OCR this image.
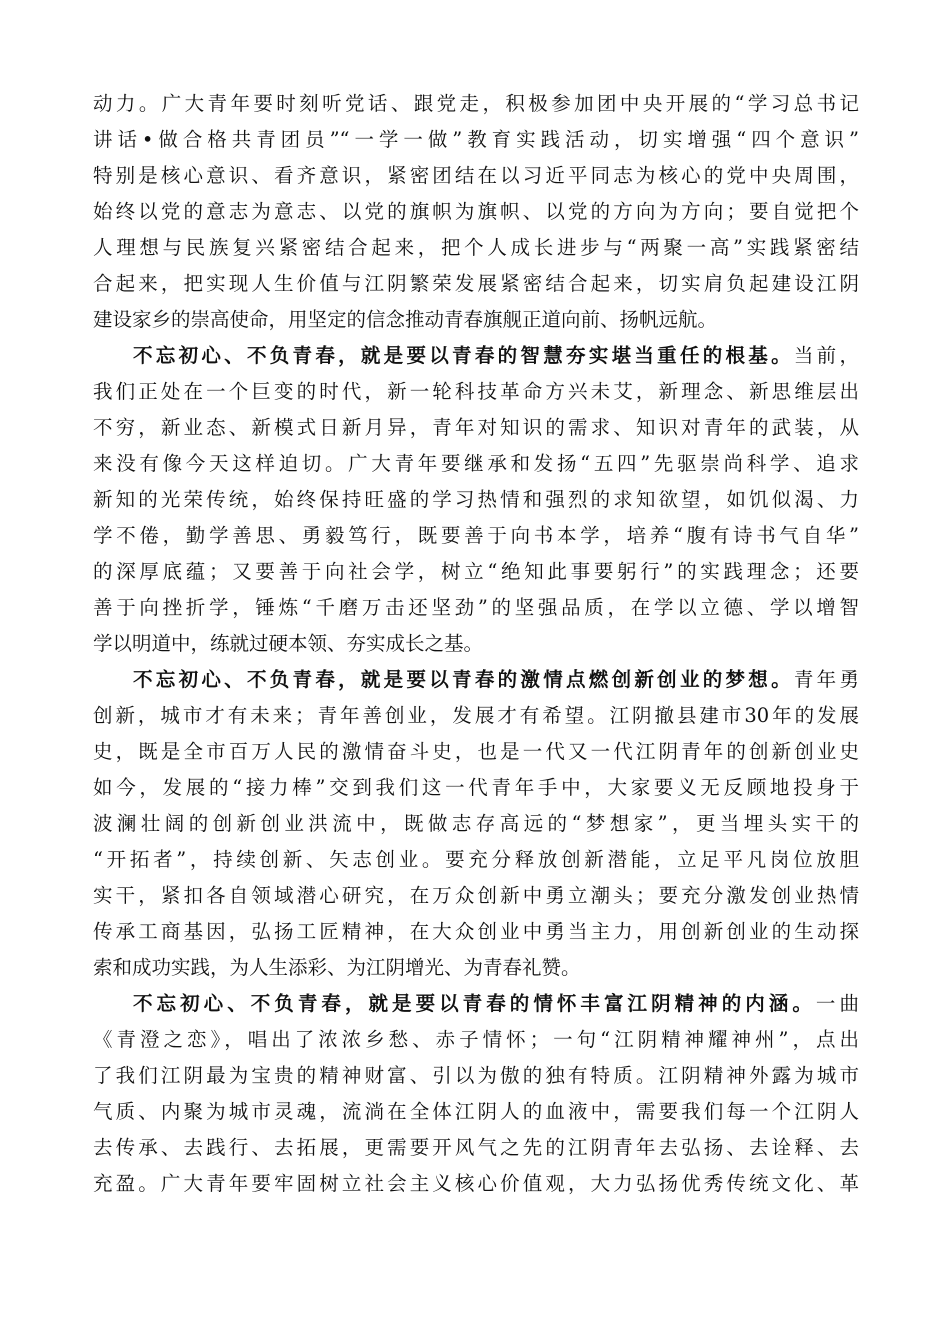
动力。广大青年要时刻听党话、跟党走，积极参加团中央开展的“学习总书记
讲话•做合格共青团员”“一学一做”教育实践活动，切实增强“四个意识”
特别是核心意识、看齐意识，紧密团结在以习近平同志为核心的党中央周围，
始终以党的意志为意志、以党的旗帜为旗帜、以党的方向为方向；要自觉把个
人理想与民族复兴紧密结合起来，把个人成长进步与“两聚一高”实践紧密结
合起来，把实现人生价值与江阴繁荣发展紧密结合起来，切实肩负起建设江阴
建设家乡的崇高使命，用坚定的信念推动青春旗舰正道向前、扬帆远航。
不忘初心、不负青春，就是要以青春的智慧夯实堪当重任的根基。当前，
我们正处在一个巨变的时代，新一轮科技革命方兴未艾，新理念、新思维层出
不穷，新业态、新模式日新月异，青年对知识的需求、知识对青年的武装，从
来没有像今天这样迫切。广大青年要继承和发扬“五四”先驱崇尚科学、追求
新知的光荣传统，始终保持旺盛的学习热情和强烈的求知欲望，如饥似渴、力
学不倦，勤学善思、勇毅笃行，既要善于向书本学，培养“腹有诗书气自华”
的深厚底蕴；又要善于向社会学，树立“绝知此事要躬行”的实践理念；还要
善于向挫折学，锤炼“千磨万击还坚劲”的坚强品质，在学以立德、学以增智
学以明道中，练就过硬本领、夯实成长之基。
不忘初心、不负青春，就是要以青春的激情点燃创新创业的梦想。青年勇
创新，城市才有未来；青年善创业，发展才有希望。江阴撤县建市30年的发展
史，既是全市百万人民的激情奋斗史，也是一代又一代江阴青年的创新创业史
如今，发展的“接力棒”交到我们这一代青年手中，大家要义无反顾地投身于
波澜壮阔的创新创业洪流中，既做志存高远的“梦想家”，更当埋头实干的
“开拓者”，持续创新、矢志创业。要充分释放创新潜能，立足平凡岗位放胆
实干，紧扣各自领域潜心研究，在万众创新中勇立潮头；要充分激发创业热情
传承工商基因，弘扬工匠精神，在大众创业中勇当主力，用创新创业的生动探
索和成功实践，为人生添彩、为江阴增光、为青春礼赞。
不忘初心、不负青春，就是要以青春的情怀丰富江阴精神的内涵。一曲
《青澄之恋》，唱出了浓浓乡愁、赤子情怀；一句“江阴精神耀神州”，点出
了我们江阴最为宝贵的精神财富、引以为傲的独有特质。江阴精神外露为城市
气质、内聚为城市灵魂，流淌在全体江阴人的血液中，需要我们每一个江阴人
去传承、去践行、去拓展，更需要开风气之先的江阴青年去弘扬、去诠释、去
充盈。广大青年要牢固树立社会主义核心价值观，大力弘扬优秀传统文化、革
